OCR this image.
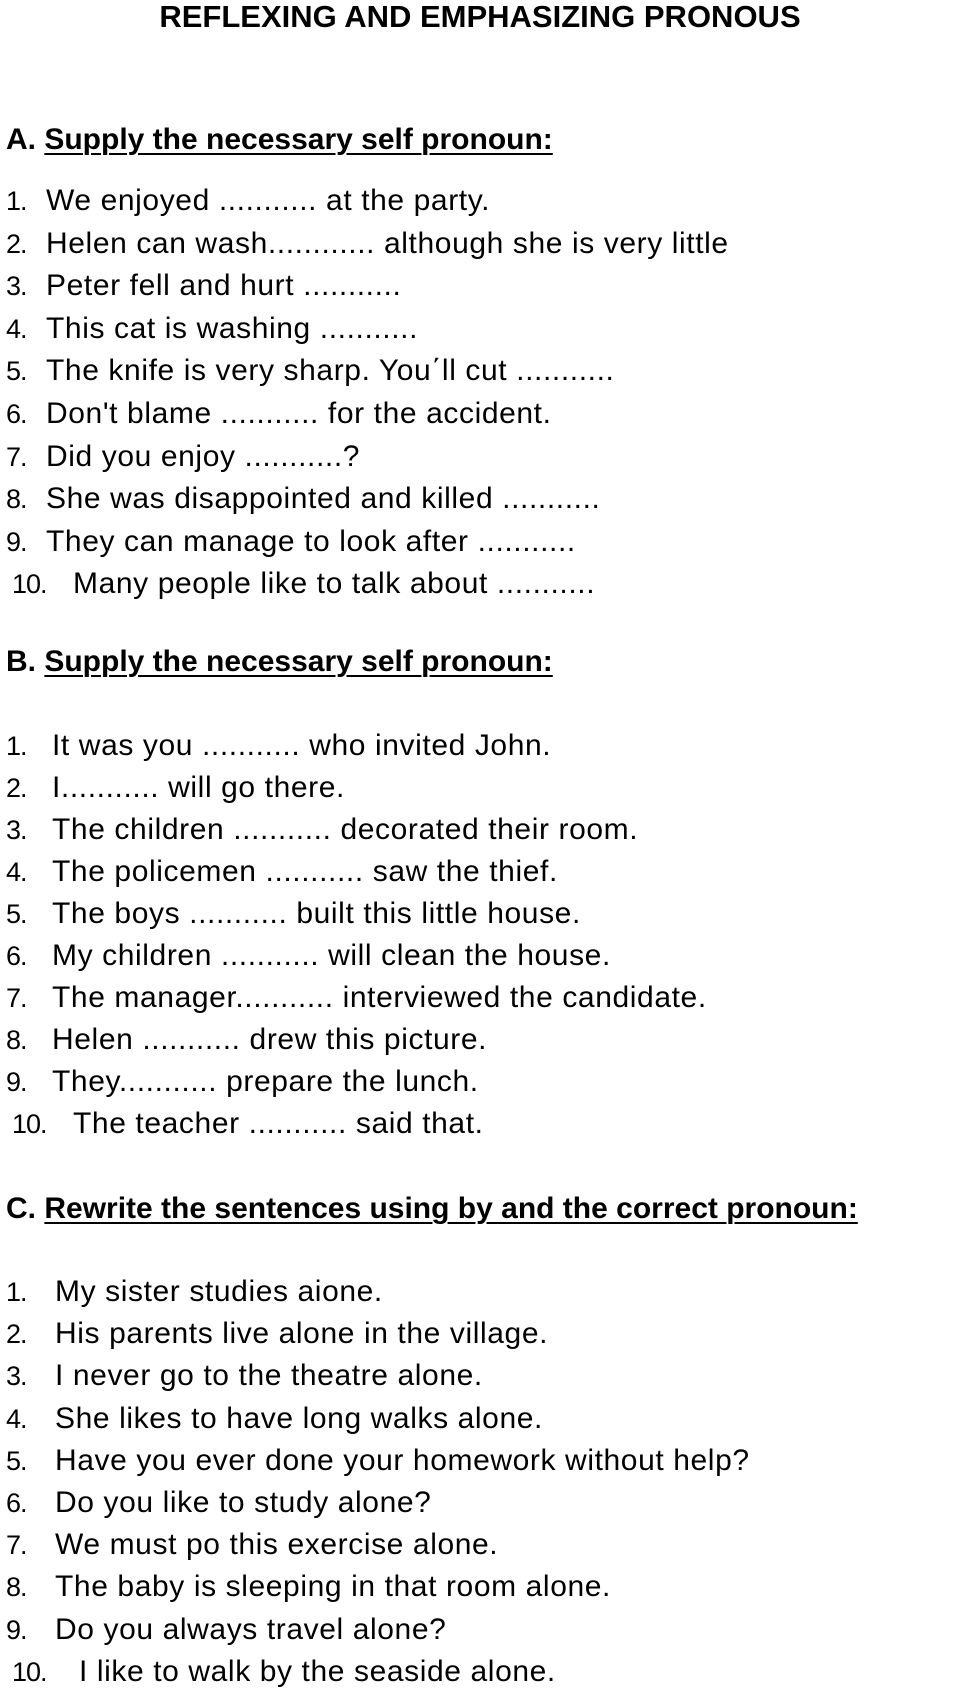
REFLEXING AND EMPHASIZING PRONOUS
A. Supply the necessary self pronoun:
1. We enjoyed ........... at the party.
2. Helen can wash............ although she is very little
3. Peter fell and hurt ...........
4. This cat is washing ...........
5. The knife is very sharp. You΄ll cut ...........
6. Don't blame ........... for the accident.
7. Did you enjoy ...........?
8. She was disappointed and killed ...........
9. They can manage to look after ...........
10. Many people like to talk about ...........
B. Supply the necessary self pronoun:
1. It was you ........... who invited John.
2. I........... will go there.
3. The children ........... decorated their room.
4. The policemen ........... saw the thief.
5. The boys ........... built this little house.
6. My children ........... will clean the house.
7. The manager........... interviewed the candidate.
8. Helen ........... drew this picture.
9. They........... prepare the lunch.
10. The teacher ........... said that.
C. Rewrite the sentences using by and the correct pronoun:
1. My sister studies aione.
2. His parents live alone in the village.
3. I never go to the theatre alone.
4. She likes to have long walks alone.
5. Have you ever done your homework without help?
6. Do you like to study alone?
7. We must po this exercise alone.
8. The baby is sleeping in that room alone.
9. Do you always travel alone?
10. I like to walk by the seaside alone.
